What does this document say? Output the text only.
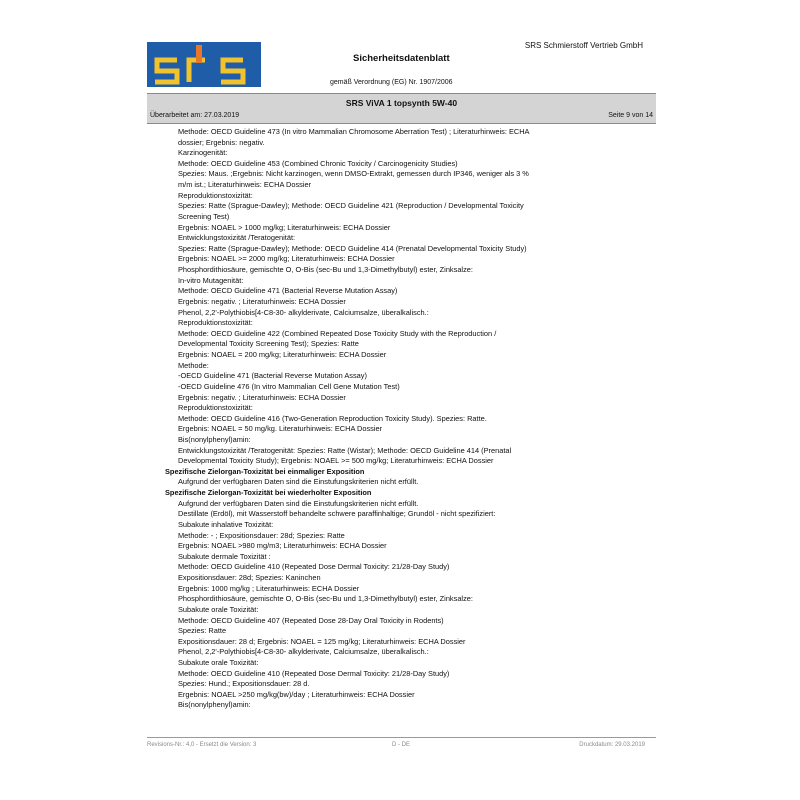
Sicherheitsdatenblatt
SRS Schmierstoff Vertrieb GmbH
gemäß Verordnung (EG) Nr. 1907/2006
SRS ViVA 1 topsynth 5W-40
Überarbeitet am: 27.03.2019	Seite 9 von 14
Methode: OECD Guideline 473 (In vitro Mammalian Chromosome Aberration Test) ; Literaturhinweis: ECHA
dossier; Ergebnis: negativ.
Karzinogenität:
Methode: OECD Guideline 453 (Combined Chronic Toxicity / Carcinogenicity Studies)
Spezies: Maus. ;Ergebnis: Nicht karzinogen, wenn DMSO-Extrakt, gemessen durch IP346, weniger als 3 %
m/m ist.; Literaturhinweis: ECHA Dossier
Reproduktionstoxizität:
Spezies: Ratte (Sprague-Dawley); Methode: OECD Guideline 421 (Reproduction / Developmental Toxicity
Screening Test)
Ergebnis: NOAEL > 1000 mg/kg; Literaturhinweis: ECHA Dossier
Entwicklungstoxizität /Teratogenität:
Spezies: Ratte (Sprague-Dawley); Methode: OECD Guideline 414 (Prenatal Developmental Toxicity Study)
Ergebnis: NOAEL >= 2000 mg/kg; Literaturhinweis: ECHA Dossier
Phosphordithiosäure, gemischte O, O-Bis (sec-Bu und 1,3-Dimethylbutyl) ester, Zinksalze:
In-vitro Mutagenität:
Methode: OECD Guideline 471 (Bacterial Reverse Mutation Assay)
Ergebnis: negativ. ; Literaturhinweis: ECHA Dossier
Phenol, 2,2'-Polythiobis[4-C8-30- alkylderivate, Calciumsalze, überalkalisch.:
Reproduktionstoxizität:
Methode: OECD Guideline 422 (Combined Repeated Dose Toxicity Study with the Reproduction /
Developmental Toxicity Screening Test); Spezies: Ratte
Ergebnis: NOAEL = 200 mg/kg; Literaturhinweis: ECHA Dossier
Methode:
-OECD Guideline 471 (Bacterial Reverse Mutation Assay)
-OECD Guideline 476 (In vitro Mammalian Cell Gene Mutation Test)
Ergebnis: negativ. ; Literaturhinweis: ECHA Dossier
Reproduktionstoxizität:
Methode: OECD Guideline 416 (Two-Generation Reproduction Toxicity Study). Spezies: Ratte.
Ergebnis: NOAEL = 50 mg/kg. Literaturhinweis: ECHA Dossier
Bis(nonylphenyl)amin:
Entwicklungstoxizität /Teratogenität: Spezies: Ratte (Wistar); Methode: OECD Guideline 414 (Prenatal
Developmental Toxicity Study); Ergebnis: NOAEL >= 500 mg/kg; Literaturhinweis: ECHA Dossier
Spezifische Zielorgan-Toxizität bei einmaliger Exposition
Aufgrund der verfügbaren Daten sind die Einstufungskriterien nicht erfüllt.
Spezifische Zielorgan-Toxizität bei wiederholter Exposition
Aufgrund der verfügbaren Daten sind die Einstufungskriterien nicht erfüllt.
Destillate (Erdöl), mit Wasserstoff behandelte schwere paraffinhaltige; Grundöl - nicht spezifiziert:
Subakute inhalative Toxizität:
Methode: - ; Expositionsdauer: 28d; Spezies: Ratte
Ergebnis: NOAEL >980 mg/m3; Literaturhinweis: ECHA Dossier
Subakute dermale Toxizität :
Methode: OECD Guideline 410 (Repeated Dose Dermal Toxicity: 21/28-Day Study)
Expositionsdauer: 28d; Spezies: Kaninchen
Ergebnis: 1000 mg/kg ; Literaturhinweis: ECHA Dossier
Phosphordithiosäure, gemischte O, O-Bis (sec-Bu und 1,3-Dimethylbutyl) ester, Zinksalze:
Subakute orale Toxizität:
Methode: OECD Guideline 407 (Repeated Dose 28-Day Oral Toxicity in Rodents)
Spezies: Ratte
Expositionsdauer: 28 d; Ergebnis: NOAEL = 125 mg/kg; Literaturhinweis: ECHA Dossier
Phenol, 2,2'-Polythiobis[4-C8-30- alkylderivate, Calciumsalze, überalkalisch.:
Subakute orale Toxizität:
Methode: OECD Guideline 410 (Repeated Dose Dermal Toxicity: 21/28-Day Study)
Spezies: Hund.; Expositionsdauer: 28 d.
Ergebnis: NOAEL >250 mg/kg(bw)/day ; Literaturhinweis: ECHA Dossier
Bis(nonylphenyl)amin:
Revisions-Nr.: 4,0 - Ersetzt die Version: 3	D - DE	Druckdatum: 29.03.2019
